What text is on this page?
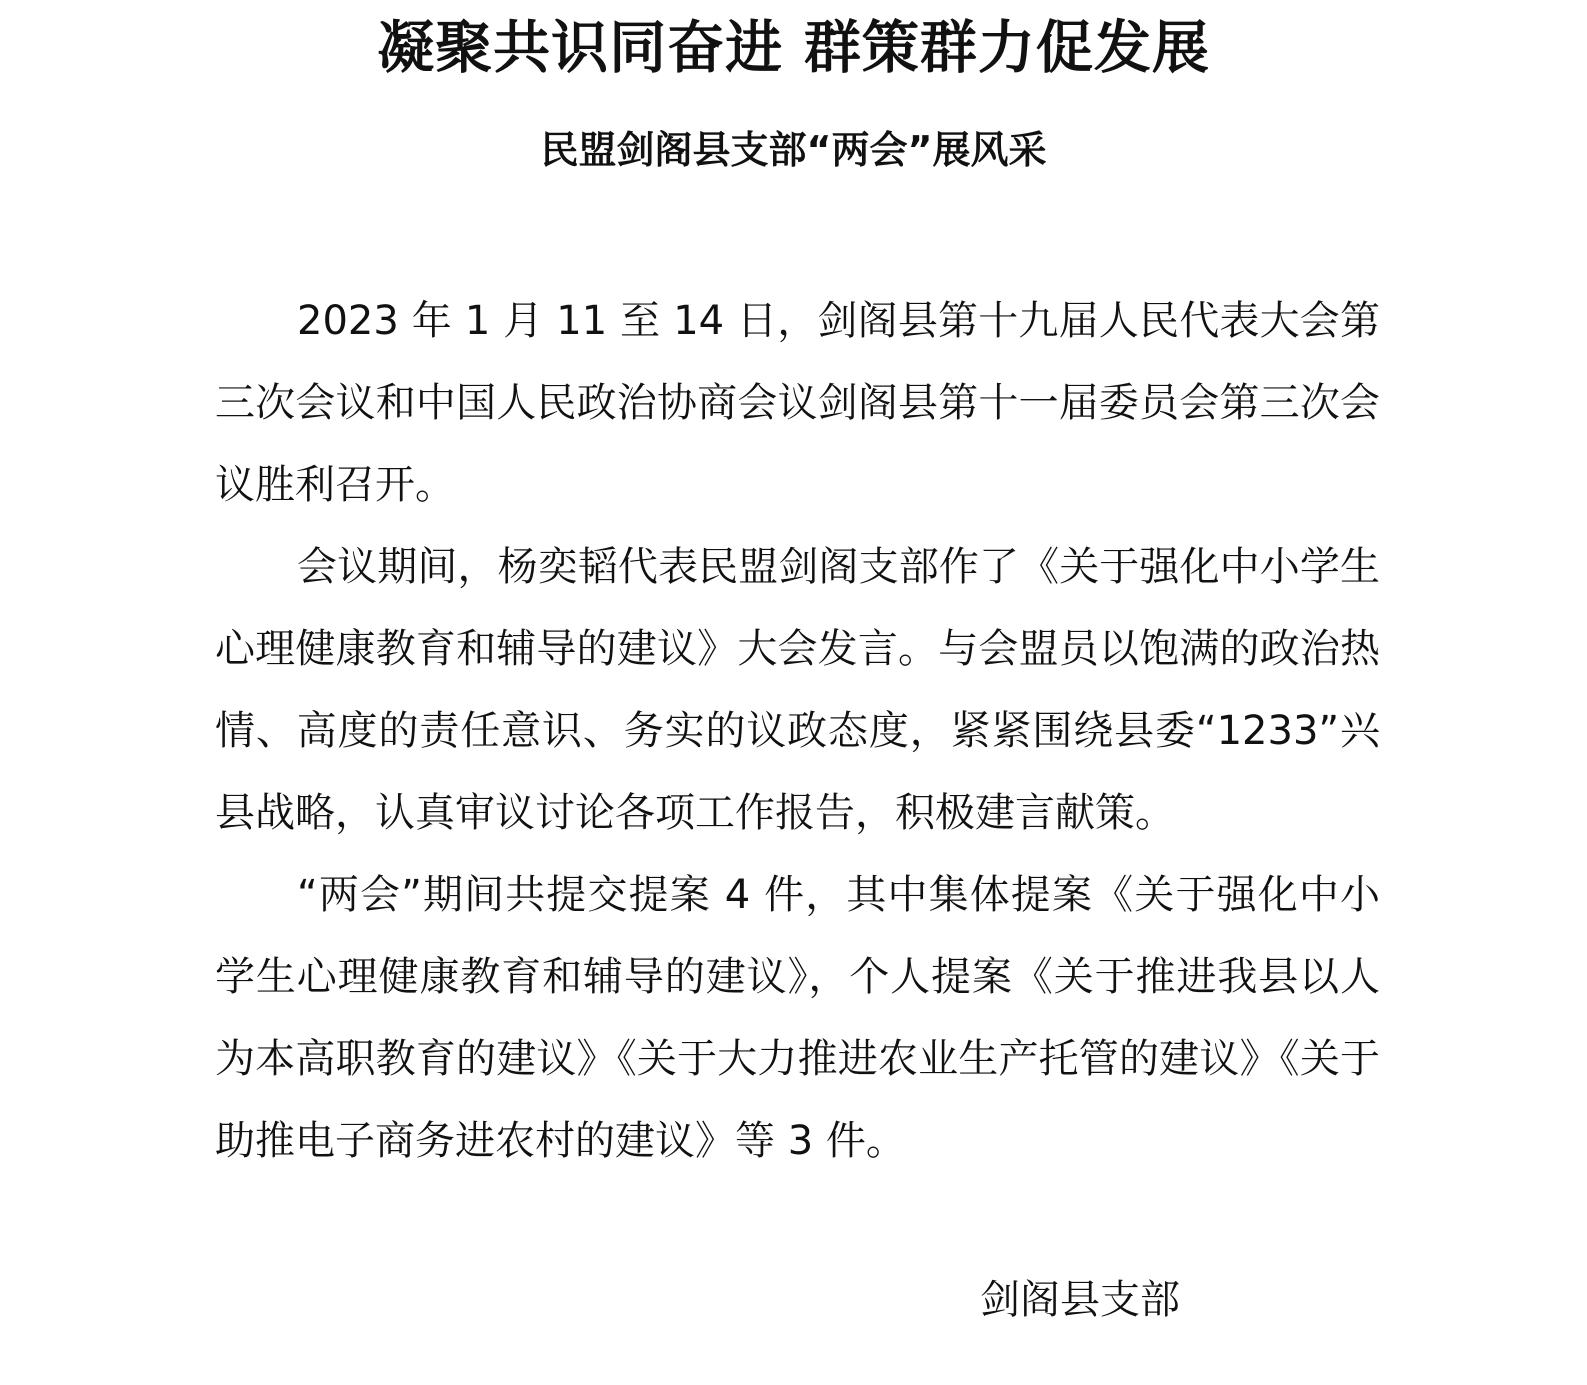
凝聚共识同奋进 群策群力促发展
民盟剑阁县支部“两会”展风采

2023 年 1 月 11 至 14 日，剑阁县第十九届人民代表大会第三次会议和中国人民政治协商会议剑阁县第十一届委员会第三次会议胜利召开。

会议期间，杨奕韬代表民盟剑阁支部作了《关于强化中小学生心理健康教育和辅导的建议》大会发言。与会盟员以饱满的政治热情、高度的责任意识、务实的议政态度，紧紧围绕县委“1233”兴县战略，认真审议讨论各项工作报告，积极建言献策。

“两会”期间共提交提案 4 件，其中集体提案《关于强化中小学生心理健康教育和辅导的建议》，个人提案《关于推进我县以人为本高职教育的建议》《关于大力推进农业生产托管的建议》《关于助推电子商务进农村的建议》等 3 件。

剑阁县支部
